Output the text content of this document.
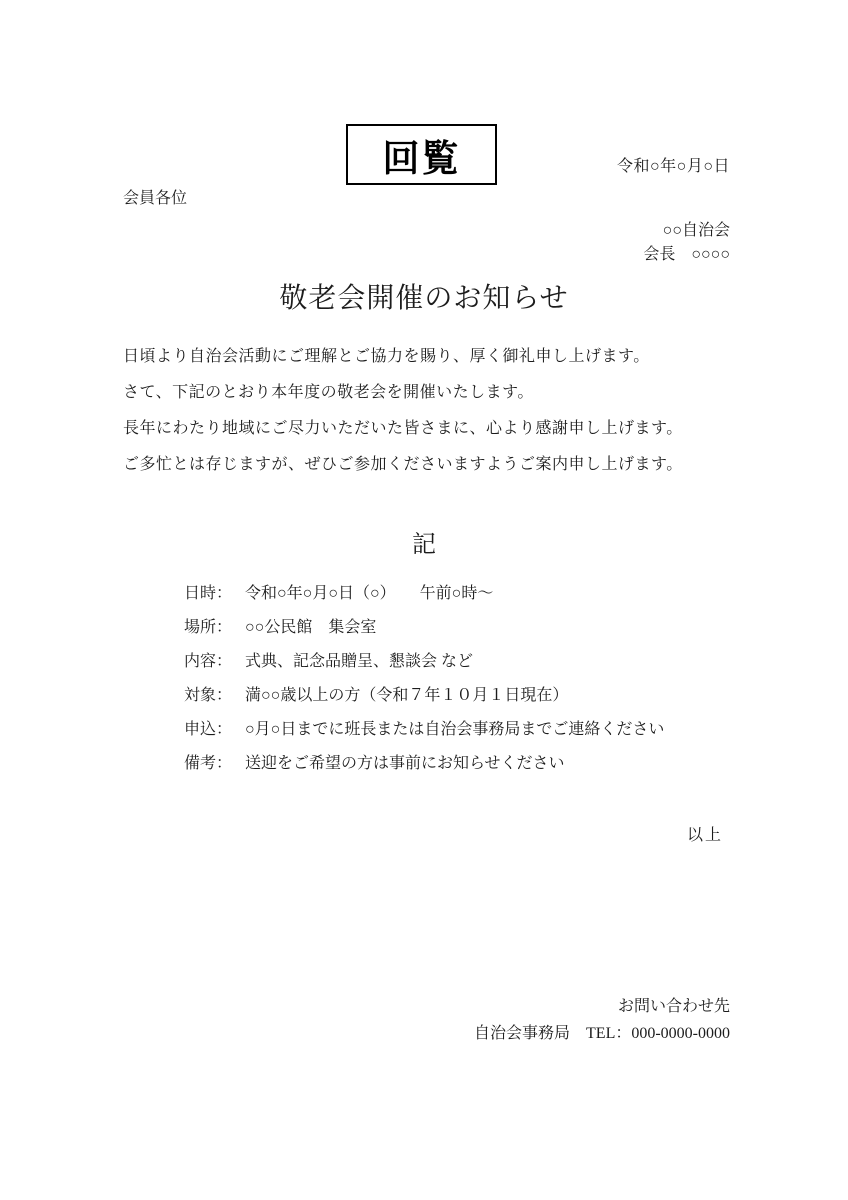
回覧	令和○年○月○日
会員各位
○○自治会
会長　○○○○
敬老会開催のお知らせ

日頃より自治会活動にご理解とご協力を賜り、厚く御礼申し上げます。

さて、下記のとおり本年度の敬老会を開催いたします。

長年にわたり地域にご尽力いただいた皆さまに、心より感謝申し上げます。

ご多忙とは存じますが、ぜひご参加くださいますようご案内申し上げます。

記
日時： 令和○年○月○日（○）　　午前○時～
場所： ○○公民館　集会室
内容： 式典、記念品贈呈、懇談会 など
対象： 満○○歳以上の方（令和７年１０月１日現在）
申込： ○月○日までに班長または自治会事務局までご連絡ください
備考： 送迎をご希望の方は事前にお知らせください
以上
お問い合わせ先
自治会事務局　TEL：000-0000-0000
